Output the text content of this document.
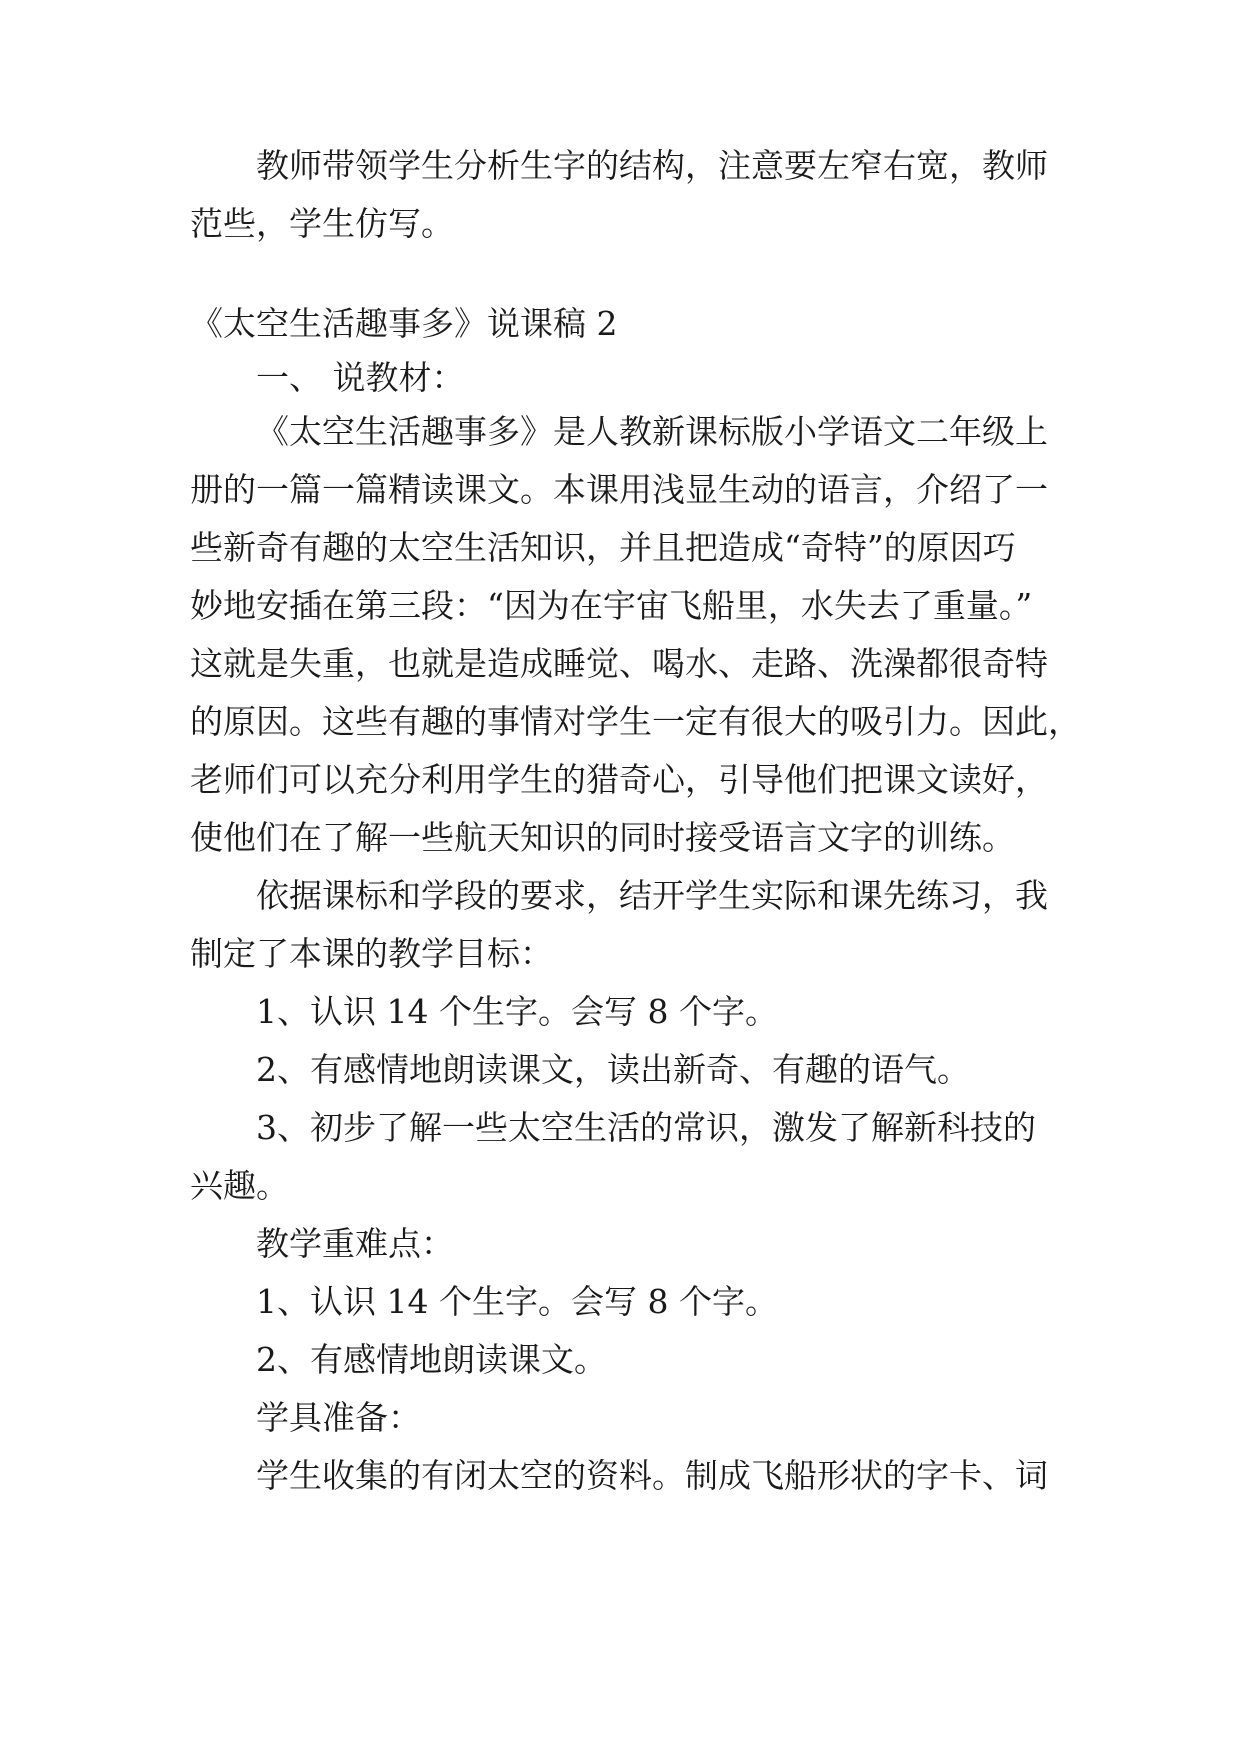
教师带领学生分析生字的结构，注意要左窄右宽，教师
范些，学生仿写。
《太空生活趣事多》说课稿 2
一、 说教材：
《太空生活趣事多》是人教新课标版小学语文二年级上
册的一篇一篇精读课文。本课用浅显生动的语言，介绍了一
些新奇有趣的太空生活知识，并且把造成“奇特”的原因巧
妙地安插在第三段：“因为在宇宙飞船里，水失去了重量。”
这就是失重，也就是造成睡觉、喝水、走路、洗澡都很奇特
的原因。这些有趣的事情对学生一定有很大的吸引力。因此，
老师们可以充分利用学生的猎奇心，引导他们把课文读好，
使他们在了解一些航天知识的同时接受语言文字的训练。
依据课标和学段的要求，结开学生实际和课先练习，我
制定了本课的教学目标：
1、认识 14 个生字。会写 8 个字。
2、有感情地朗读课文，读出新奇、有趣的语气。
3、初步了解一些太空生活的常识，激发了解新科技的
兴趣。
教学重难点：
1、认识 14 个生字。会写 8 个字。
2、有感情地朗读课文。
学具准备：
学生收集的有闭太空的资料。制成飞船形状的字卡、词
